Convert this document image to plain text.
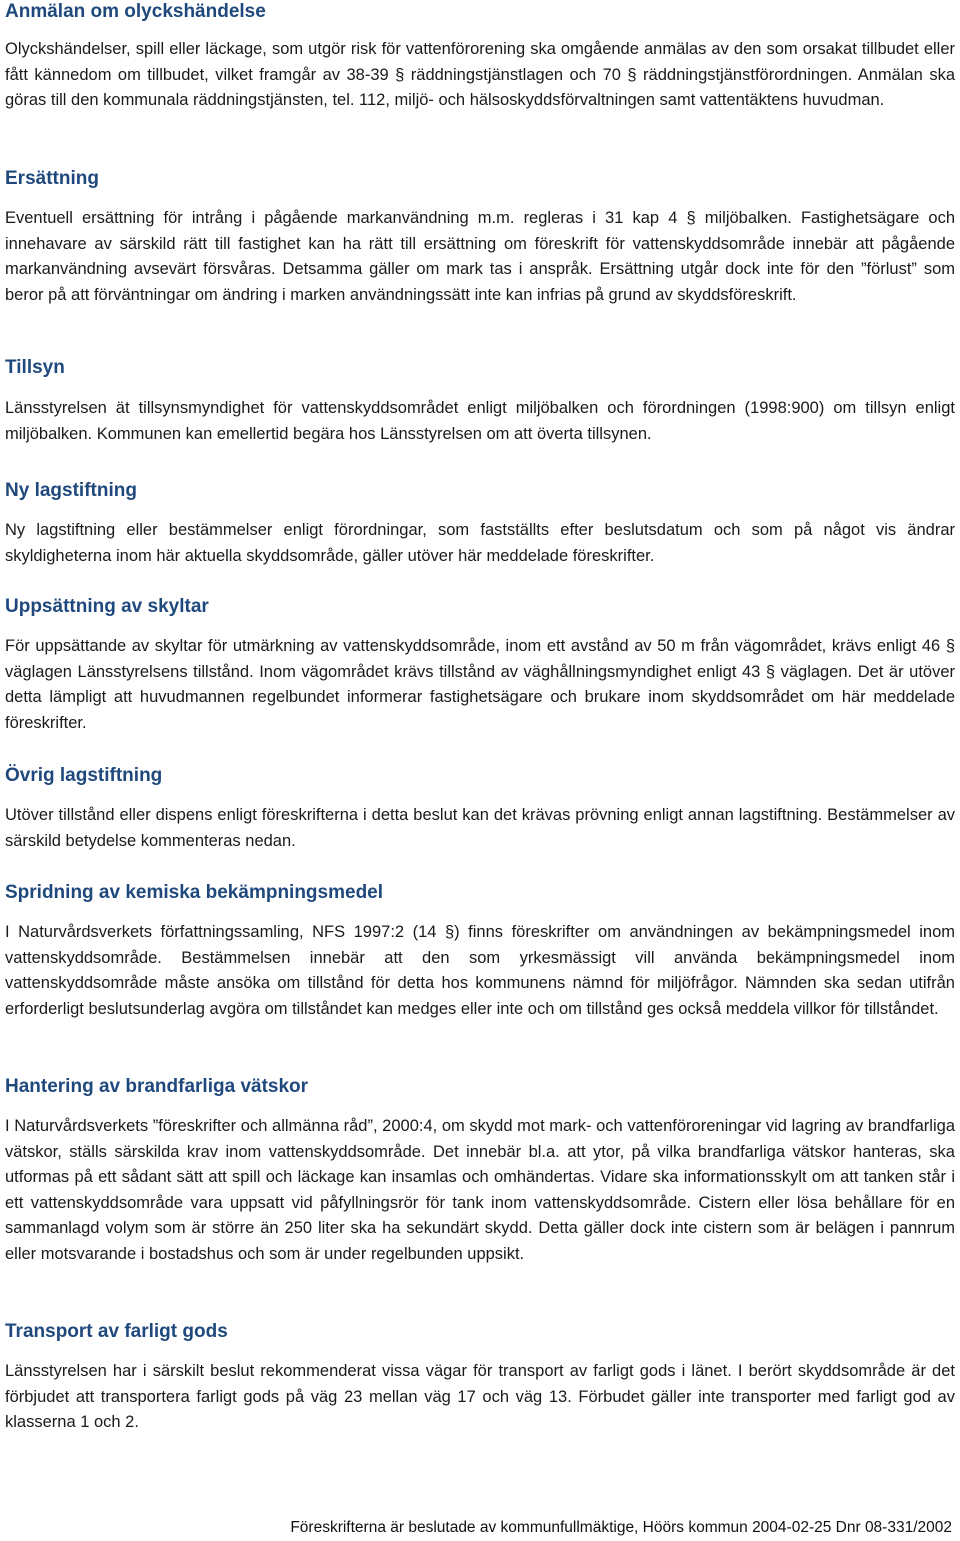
Anmälan om olyckshändelse

Olyckshändelser, spill eller läckage, som utgör risk för vattenförorening ska omgående anmälas av den som orsakat tillbudet eller fått kännedom om tillbudet, vilket framgår av 38-39 § räddningstjänstlagen och 70 § räddningstjänstförordningen. Anmälan ska göras till den kommunala räddningstjänsten, tel. 112, miljö- och hälsoskyddsförvaltningen samt vattentäktens huvudman.

Ersättning

Eventuell ersättning för intrång i pågående markanvändning m.m. regleras i 31 kap 4 § miljöbalken. Fastighetsägare och innehavare av särskild rätt till fastighet kan ha rätt till ersättning om föreskrift för vattenskyddsområde innebär att pågående markanvändning avsevärt försvåras. Detsamma gäller om mark tas i anspråk. Ersättning utgår dock inte för den ”förlust” som beror på att förväntningar om ändring i marken användningssätt inte kan infrias på grund av skyddsföreskrift.

Tillsyn

Länsstyrelsen ät tillsynsmyndighet för vattenskyddsområdet enligt miljöbalken och förordningen (1998:900) om tillsyn enligt miljöbalken. Kommunen kan emellertid begära hos Länsstyrelsen om att överta tillsynen.

Ny lagstiftning

Ny lagstiftning eller bestämmelser enligt förordningar, som fastställts efter beslutsdatum och som på något vis ändrar skyldigheterna inom här aktuella skyddsområde, gäller utöver här meddelade föreskrifter.

Uppsättning av skyltar

För uppsättande av skyltar för utmärkning av vattenskyddsområde, inom ett avstånd av 50 m från vägområdet, krävs enligt 46 § väglagen Länsstyrelsens tillstånd. Inom vägområdet krävs tillstånd av väghållningsmyndighet enligt 43 § väglagen. Det är utöver detta lämpligt att huvudmannen regelbundet informerar fastighetsägare och brukare inom skyddsområdet om här meddelade föreskrifter.

Övrig lagstiftning

Utöver tillstånd eller dispens enligt föreskrifterna i detta beslut kan det krävas prövning enligt annan lagstiftning. Bestämmelser av särskild betydelse kommenteras nedan.

Spridning av kemiska bekämpningsmedel

I Naturvårdsverkets författningssamling, NFS 1997:2 (14 §) finns föreskrifter om användningen av bekämpningsmedel inom vattenskyddsområde. Bestämmelsen innebär att den som yrkesmässigt vill använda bekämpningsmedel inom vattenskyddsområde måste ansöka om tillstånd för detta hos kommunens nämnd för miljöfrågor. Nämnden ska sedan utifrån erforderligt beslutsunderlag avgöra om tillståndet kan medges eller inte och om tillstånd ges också meddela villkor för tillståndet.

Hantering av brandfarliga vätskor

I Naturvårdsverkets ”föreskrifter och allmänna råd”, 2000:4, om skydd mot mark- och vattenföroreningar vid lagring av brandfarliga vätskor, ställs särskilda krav inom vattenskyddsområde. Det innebär bl.a. att ytor, på vilka brandfarliga vätskor hanteras, ska utformas på ett sådant sätt att spill och läckage kan insamlas och omhändertas. Vidare ska informationsskylt om att tanken står i ett vattenskyddsområde vara uppsatt vid påfyllningsrör för tank inom vattenskyddsområde. Cistern eller lösa behållare för en sammanlagd volym som är större än 250 liter ska ha sekundärt skydd. Detta gäller dock inte cistern som är belägen i pannrum eller motsvarande i bostadshus och som är under regelbunden uppsikt.

Transport av farligt gods

Länsstyrelsen har i särskilt beslut rekommenderat vissa vägar för transport av farligt gods i länet. I berört skyddsområde är det förbjudet att transportera farligt gods på väg 23 mellan väg 17 och väg 13. Förbudet gäller inte transporter med farligt god av klasserna 1 och 2.

Föreskrifterna är beslutade av kommunfullmäktige, Höörs kommun 2004-02-25 Dnr 08-331/2002
